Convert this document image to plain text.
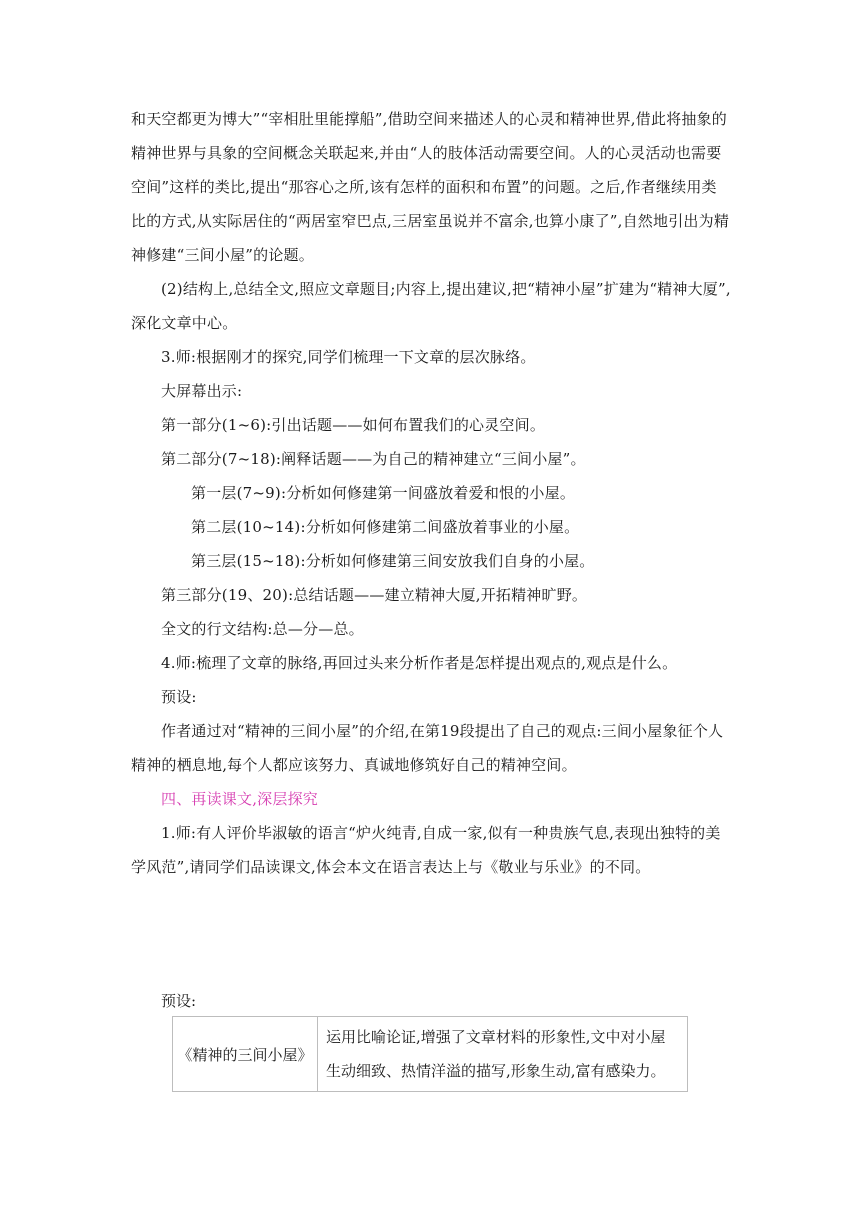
和天空都更为博大”“宰相肚里能撑船”,借助空间来描述人的心灵和精神世界,借此将抽象的精神世界与具象的空间概念关联起来,并由“人的肢体活动需要空间。人的心灵活动也需要空间”这样的类比,提出“那容心之所,该有怎样的面积和布置”的问题。之后,作者继续用类比的方式,从实际居住的“两居室窄巴点,三居室虽说并不富余,也算小康了”,自然地引出为精神修建“三间小屋”的论题。

(2)结构上,总结全文,照应文章题目;内容上,提出建议,把“精神小屋”扩建为“精神大厦”,深化文章中心。

3.师:根据刚才的探究,同学们梳理一下文章的层次脉络。

大屏幕出示:

第一部分(1~6):引出话题——如何布置我们的心灵空间。

第二部分(7~18):阐释话题——为自己的精神建立“三间小屋”。

第一层(7~9):分析如何修建第一间盛放着爱和恨的小屋。

第二层(10~14):分析如何修建第二间盛放着事业的小屋。

第三层(15~18):分析如何修建第三间安放我们自身的小屋。

第三部分(19、20):总结话题——建立精神大厦,开拓精神旷野。

全文的行文结构:总—分—总。

4.师:梳理了文章的脉络,再回过头来分析作者是怎样提出观点的,观点是什么。

预设:

作者通过对“精神的三间小屋”的介绍,在第19段提出了自己的观点:三间小屋象征个人精神的栖息地,每个人都应该努力、真诚地修筑好自己的精神空间。

四、再读课文,深层探究

1.师:有人评价毕淑敏的语言“炉火纯青,自成一家,似有一种贵族气息,表现出独特的美学风范”,请同学们品读课文,体会本文在语言表达上与《敬业与乐业》的不同。

预设:

《精神的三间小屋》	运用比喻论证,增强了文章材料的形象性,文中对小屋生动细致、热情洋溢的描写,形象生动,富有感染力。
